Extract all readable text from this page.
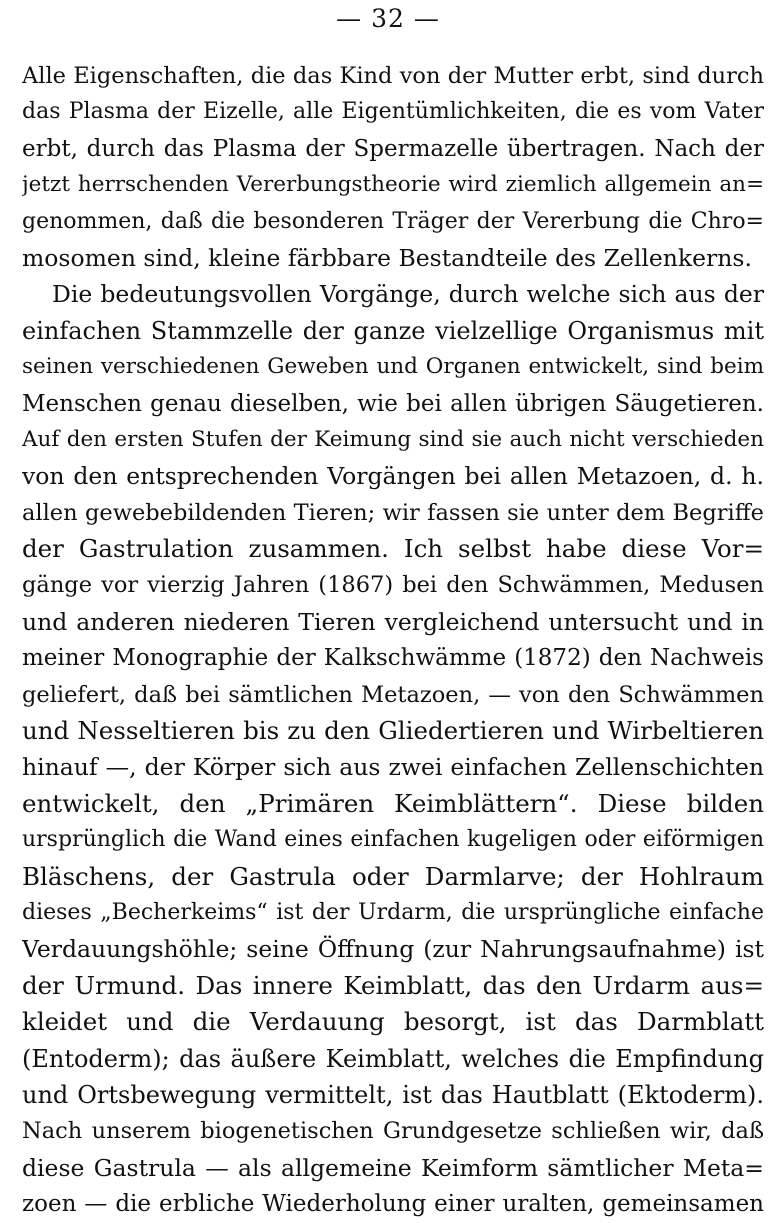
— 32 —
Alle Eigenschaften, die das Kind von der Mutter erbt, sind durch
das Plasma der Eizelle, alle Eigentümlichkeiten, die es vom Vater
erbt, durch das Plasma der Spermazelle übertragen. Nach der
jetzt herrschenden Vererbungstheorie wird ziemlich allgemein an=
genommen, daß die besonderen Träger der Vererbung die Chro=
mosomen sind, kleine färbbare Bestandteile des Zellenkerns.
Die bedeutungsvollen Vorgänge, durch welche sich aus der
einfachen Stammzelle der ganze vielzellige Organismus mit
seinen verschiedenen Geweben und Organen entwickelt, sind beim
Menschen genau dieselben, wie bei allen übrigen Säugetieren.
Auf den ersten Stufen der Keimung sind sie auch nicht verschieden
von den entsprechenden Vorgängen bei allen Metazoen, d. h.
allen gewebebildenden Tieren; wir fassen sie unter dem Begriffe
der Gastrulation zusammen. Ich selbst habe diese Vor=
gänge vor vierzig Jahren (1867) bei den Schwämmen, Medusen
und anderen niederen Tieren vergleichend untersucht und in
meiner Monographie der Kalkschwämme (1872) den Nachweis
geliefert, daß bei sämtlichen Metazoen, — von den Schwämmen
und Nesseltieren bis zu den Gliedertieren und Wirbeltieren
hinauf —, der Körper sich aus zwei einfachen Zellenschichten
entwickelt, den „Primären Keimblättern“. Diese bilden
ursprünglich die Wand eines einfachen kugeligen oder eiförmigen
Bläschens, der Gastrula oder Darmlarve; der Hohlraum
dieses „Becherkeims“ ist der Urdarm, die ursprüngliche einfache
Verdauungshöhle; seine Öffnung (zur Nahrungsaufnahme) ist
der Urmund. Das innere Keimblatt, das den Urdarm aus=
kleidet und die Verdauung besorgt, ist das Darmblatt
(Entoderm); das äußere Keimblatt, welches die Empfindung
und Ortsbewegung vermittelt, ist das Hautblatt (Ektoderm).
Nach unserem biogenetischen Grundgesetze schließen wir, daß
diese Gastrula — als allgemeine Keimform sämtlicher Meta=
zoen — die erbliche Wiederholung einer uralten, gemeinsamen
